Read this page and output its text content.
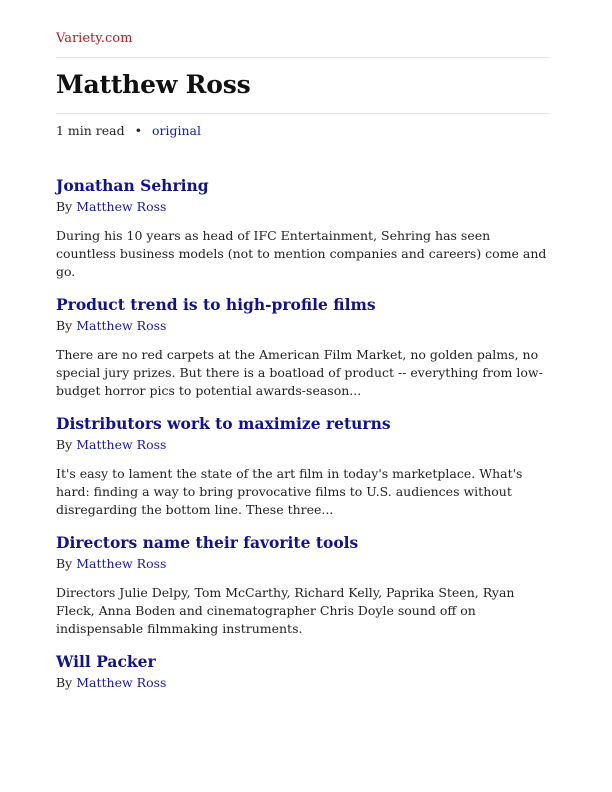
Variety.com
Matthew Ross
1 min read • original
Jonathan Sehring
By Matthew Ross

During his 10 years as head of IFC Entertainment, Sehring has seen countless business models (not to mention companies and careers) come and go.

Product trend is to high-profile films
By Matthew Ross

There are no red carpets at the American Film Market, no golden palms, no special jury prizes. But there is a boatload of product -- everything from low-budget horror pics to potential awards-season...

Distributors work to maximize returns
By Matthew Ross

It's easy to lament the state of the art film in today's marketplace. What's hard: finding a way to bring provocative films to U.S. audiences without disregarding the bottom line. These three...

Directors name their favorite tools
By Matthew Ross

Directors Julie Delpy, Tom McCarthy, Richard Kelly, Paprika Steen, Ryan Fleck, Anna Boden and cinematographer Chris Doyle sound off on indispensable filmmaking instruments.

Will Packer
By Matthew Ross
